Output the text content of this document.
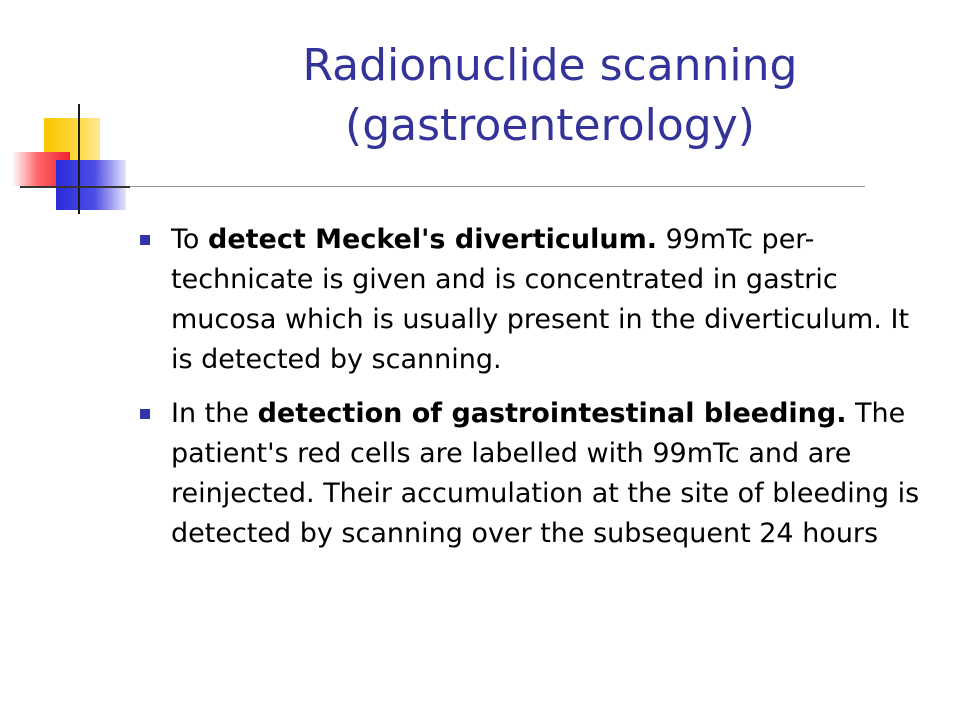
Radionuclide scanning
(gastroenterology)
To detect Meckel's diverticulum. 99mTc per-technicate is given and is concentrated in gastric mucosa which is usually present in the diverticulum. It is detected by scanning.
In the detection of gastrointestinal bleeding. The patient's red cells are labelled with 99mTc and are reinjected. Their accumulation at the site of bleeding is detected by scanning over the subsequent 24 hours
